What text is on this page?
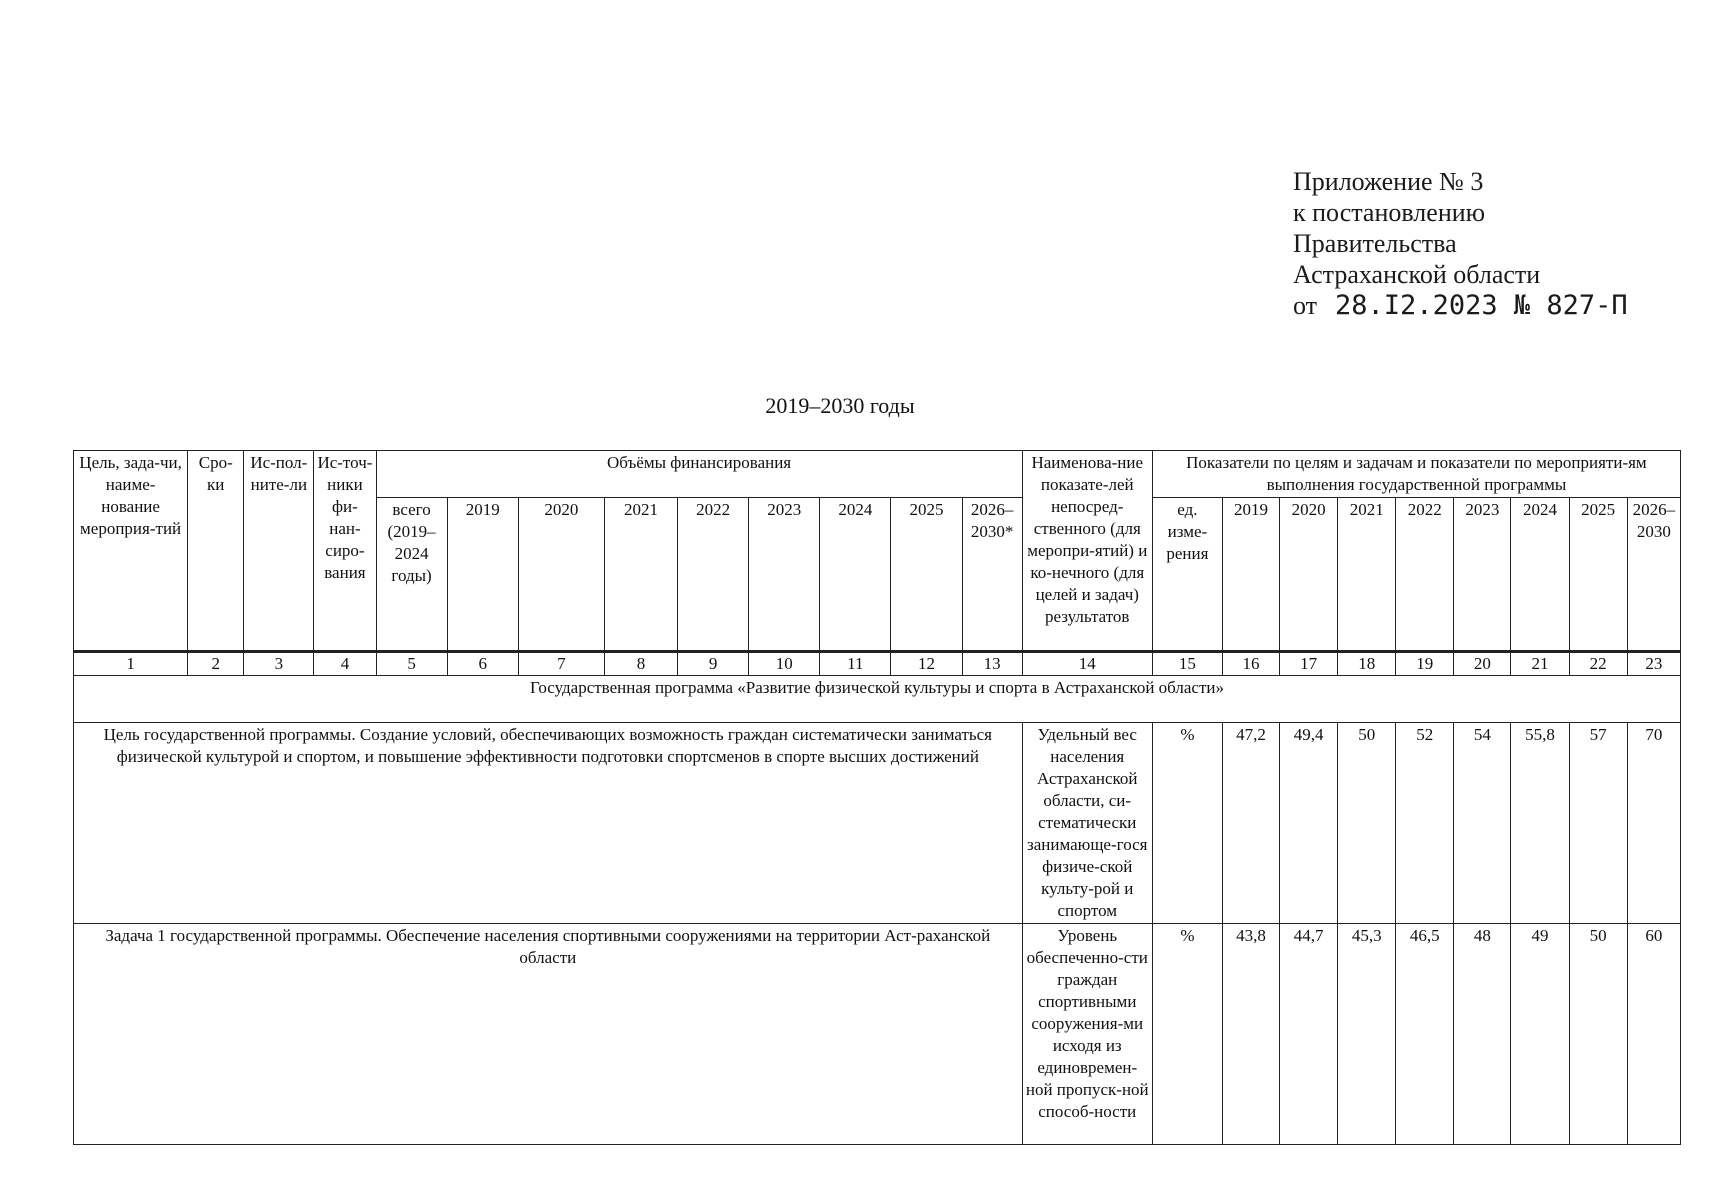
Приложение № 3
к постановлению
Правительства
Астраханской области
от 28.I2.2023 № 827-П
2019–2030 годы
Цель, зада-чи, наиме-нование мероприя-тий	Сро-ки	Ис-пол-ните-ли	Ис-точ-ники фи-нан-сиро-вания	Объёмы финансирования									Наименова-ние показате-лей непосред-ственного (для меропри-ятий) и ко-нечного (для целей и задач) результатов	Показатели по целям и задачам и показатели по мероприяти-ям выполнения государственной программы								
				всего (2019–2024 годы)	2019	2020	2021	2022	2023	2024	2025	2026–2030*		ед. изме-рения	2019	2020	2021	2022	2023	2024	2025	2026–2030
1	2	3	4	5	6	7	8	9	10	11	12	13	14	15	16	17	18	19	20	21	22	23
Государственная программа «Развитие физической культуры и спорта в Астраханской области»																						
Цель государственной программы. Создание условий, обеспечивающих возможность граждан систематически заниматься физической культурой и спортом, и повышение эффективности подготовки спортсменов в спорте высших достижений													Удельный вес населения Астраханской области, си-стематически занимающе-гося физиче-ской культу-рой и спортом	%	47,2	49,4	50	52	54	55,8	57	70
Задача 1 государственной программы. Обеспечение населения спортивными сооружениями на территории Аст-раханской области													Уровень обеспеченно-сти граждан спортивными сооружения-ми исходя из единовремен-ной пропуск-ной способ-ности	%	43,8	44,7	45,3	46,5	48	49	50	60
